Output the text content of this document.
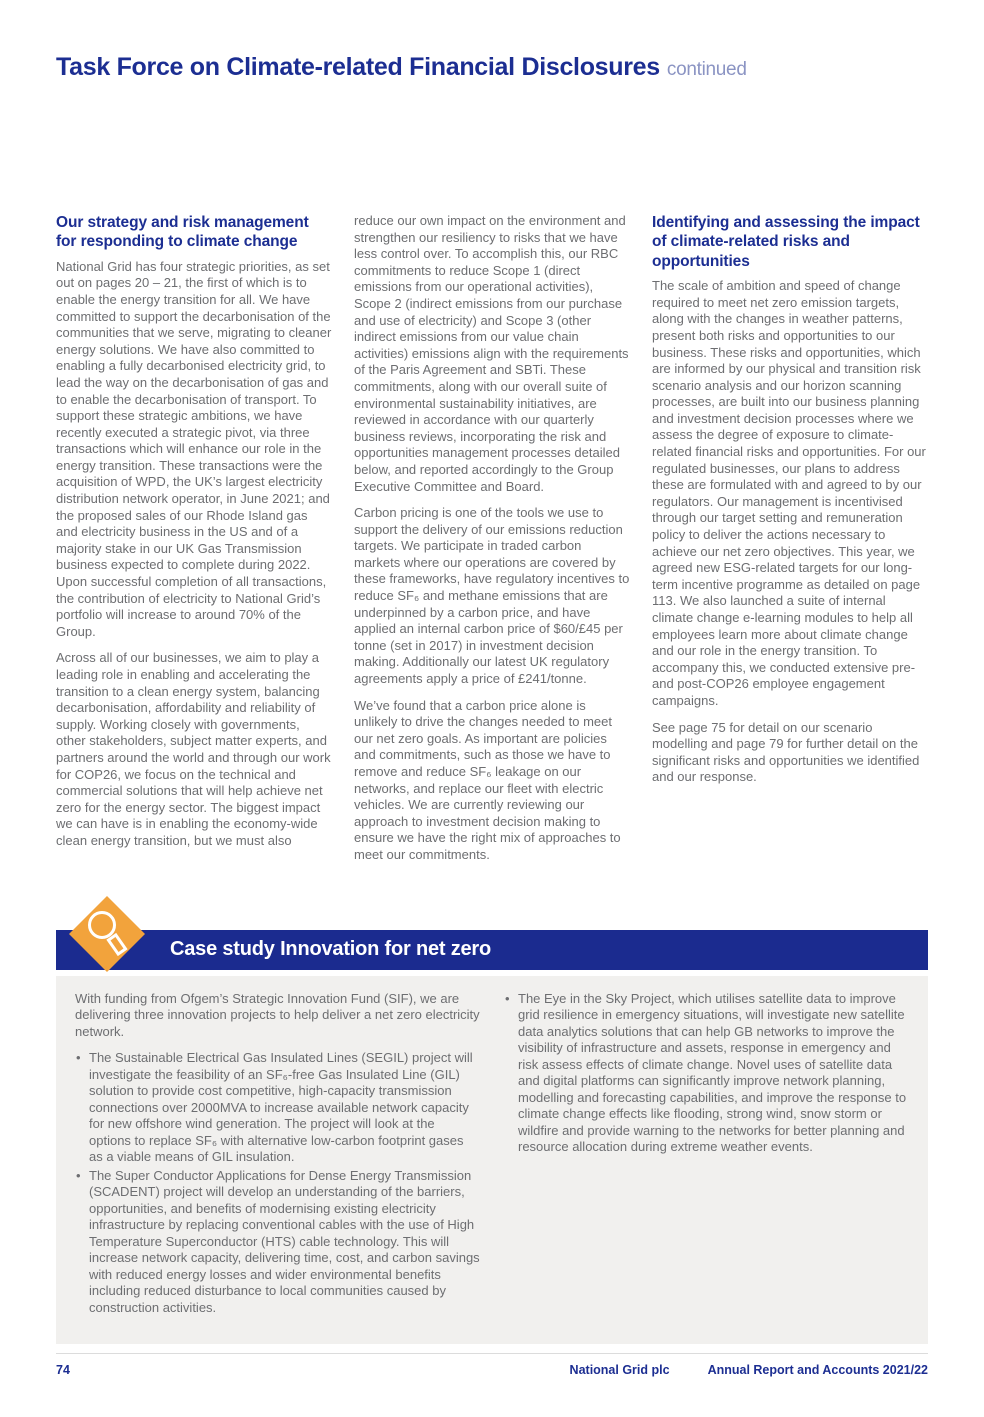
Task Force on Climate-related Financial Disclosures continued
Our strategy and risk management for responding to climate change

National Grid has four strategic priorities, as set out on pages 20 – 21, the first of which is to enable the energy transition for all. We have committed to support the decarbonisation of the communities that we serve, migrating to cleaner energy solutions. We have also committed to enabling a fully decarbonised electricity grid, to lead the way on the decarbonisation of gas and to enable the decarbonisation of transport. To support these strategic ambitions, we have recently executed a strategic pivot, via three transactions which will enhance our role in the energy transition. These transactions were the acquisition of WPD, the UK’s largest electricity distribution network operator, in June 2021; and the proposed sales of our Rhode Island gas and electricity business in the US and of a majority stake in our UK Gas Transmission business expected to complete during 2022. Upon successful completion of all transactions, the contribution of electricity to National Grid’s portfolio will increase to around 70% of the Group.

Across all of our businesses, we aim to play a leading role in enabling and accelerating the transition to a clean energy system, balancing decarbonisation, affordability and reliability of supply. Working closely with governments, other stakeholders, subject matter experts, and partners around the world and through our work for COP26, we focus on the technical and commercial solutions that will help achieve net zero for the energy sector. The biggest impact we can have is in enabling the economy-wide clean energy transition, but we must also

reduce our own impact on the environment and strengthen our resiliency to risks that we have less control over. To accomplish this, our RBC commitments to reduce Scope 1 (direct emissions from our operational activities), Scope 2 (indirect emissions from our purchase and use of electricity) and Scope 3 (other indirect emissions from our value chain activities) emissions align with the requirements of the Paris Agreement and SBTi. These commitments, along with our overall suite of environmental sustainability initiatives, are reviewed in accordance with our quarterly business reviews, incorporating the risk and opportunities management processes detailed below, and reported accordingly to the Group Executive Committee and Board.

Carbon pricing is one of the tools we use to support the delivery of our emissions reduction targets. We participate in traded carbon markets where our operations are covered by these frameworks, have regulatory incentives to reduce SF₆ and methane emissions that are underpinned by a carbon price, and have applied an internal carbon price of $60/£45 per tonne (set in 2017) in investment decision making. Additionally our latest UK regulatory agreements apply a price of £241/tonne.

We’ve found that a carbon price alone is unlikely to drive the changes needed to meet our net zero goals. As important are policies and commitments, such as those we have to remove and reduce SF₆ leakage on our networks, and replace our fleet with electric vehicles. We are currently reviewing our approach to investment decision making to ensure we have the right mix of approaches to meet our commitments.

Identifying and assessing the impact of climate-related risks and opportunities

The scale of ambition and speed of change required to meet net zero emission targets, along with the changes in weather patterns, present both risks and opportunities to our business. These risks and opportunities, which are informed by our physical and transition risk scenario analysis and our horizon scanning processes, are built into our business planning and investment decision processes where we assess the degree of exposure to climate-related financial risks and opportunities. For our regulated businesses, our plans to address these are formulated with and agreed to by our regulators. Our management is incentivised through our target setting and remuneration policy to deliver the actions necessary to achieve our net zero objectives. This year, we agreed new ESG-related targets for our long-term incentive programme as detailed on page 113. We also launched a suite of internal climate change e-learning modules to help all employees learn more about climate change and our role in the energy transition. To accompany this, we conducted extensive pre- and post-COP26 employee engagement campaigns.

See page 75 for detail on our scenario modelling and page 79 for further detail on the significant risks and opportunities we identified and our response.

Case study Innovation for net zero

With funding from Ofgem’s Strategic Innovation Fund (SIF), we are delivering three innovation projects to help deliver a net zero electricity network.

• The Sustainable Electrical Gas Insulated Lines (SEGIL) project will investigate the feasibility of an SF₆-free Gas Insulated Line (GIL) solution to provide cost competitive, high-capacity transmission connections over 2000MVA to increase available network capacity for new offshore wind generation. The project will look at the options to replace SF₆ with alternative low-carbon footprint gases as a viable means of GIL insulation.
• The Super Conductor Applications for Dense Energy Transmission (SCADENT) project will develop an understanding of the barriers, opportunities, and benefits of modernising existing electricity infrastructure by replacing conventional cables with the use of High Temperature Superconductor (HTS) cable technology. This will increase network capacity, delivering time, cost, and carbon savings with reduced energy losses and wider environmental benefits including reduced disturbance to local communities caused by construction activities.
• The Eye in the Sky Project, which utilises satellite data to improve grid resilience in emergency situations, will investigate new satellite data analytics solutions that can help GB networks to improve the visibility of infrastructure and assets, response in emergency and risk assess effects of climate change. Novel uses of satellite data and digital platforms can significantly improve network planning, modelling and forecasting capabilities, and improve the response to climate change effects like flooding, strong wind, snow storm or wildfire and provide warning to the networks for better planning and resource allocation during extreme weather events.
74	National Grid plc	Annual Report and Accounts 2021/22
